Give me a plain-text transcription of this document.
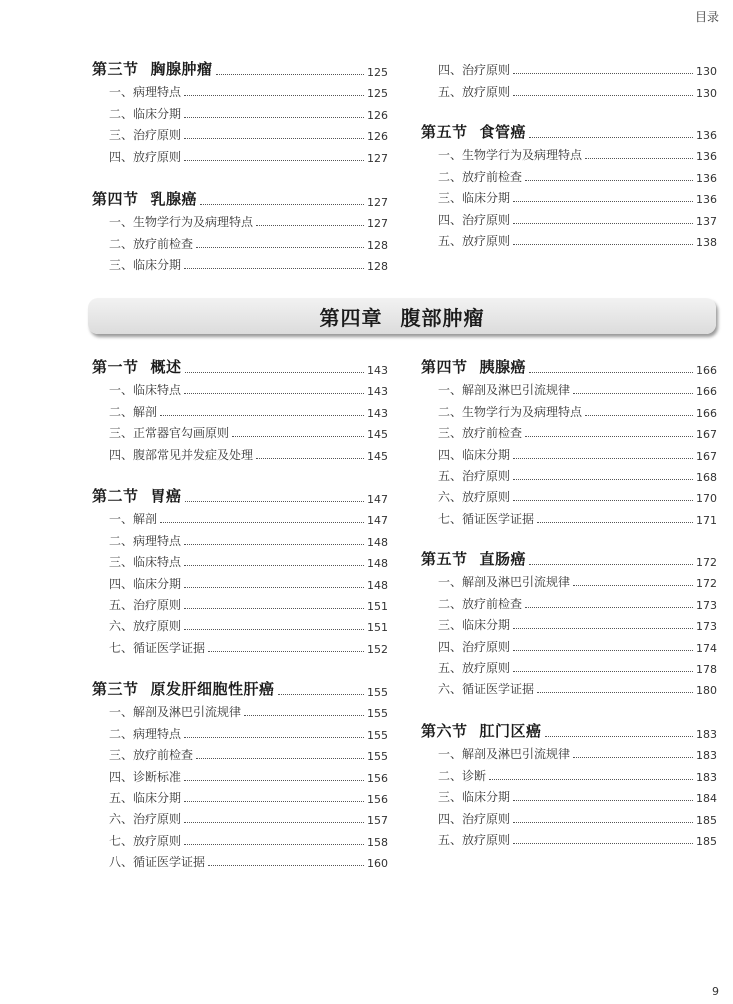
目录
第四章 腹部肿瘤
第三节 胸腺肿瘤	125
一、病理特点	125
二、临床分期	126
三、治疗原则	126
四、放疗原则	127
第四节 乳腺癌	127
一、生物学行为及病理特点	127
二、放疗前检查	128
三、临床分期	128
四、治疗原则	130
五、放疗原则	130
第五节 食管癌	136
一、生物学行为及病理特点	136
二、放疗前检查	136
三、临床分期	136
四、治疗原则	137
五、放疗原则	138
第一节 概述	143
一、临床特点	143
二、解剖	143
三、正常器官勾画原则	145
四、腹部常见并发症及处理	145
第二节 胃癌	147
一、解剖	147
二、病理特点	148
三、临床特点	148
四、临床分期	148
五、治疗原则	151
六、放疗原则	151
七、循证医学证据	152
第三节 原发肝细胞性肝癌	155
一、解剖及淋巴引流规律	155
二、病理特点	155
三、放疗前检查	155
四、诊断标准	156
五、临床分期	156
六、治疗原则	157
七、放疗原则	158
八、循证医学证据	160
第四节 胰腺癌	166
一、解剖及淋巴引流规律	166
二、生物学行为及病理特点	166
三、放疗前检查	167
四、临床分期	167
五、治疗原则	168
六、放疗原则	170
七、循证医学证据	171
第五节 直肠癌	172
一、解剖及淋巴引流规律	172
二、放疗前检查	173
三、临床分期	173
四、治疗原则	174
五、放疗原则	178
六、循证医学证据	180
第六节 肛门区癌	183
一、解剖及淋巴引流规律	183
二、诊断	183
三、临床分期	184
四、治疗原则	185
五、放疗原则	185
9
